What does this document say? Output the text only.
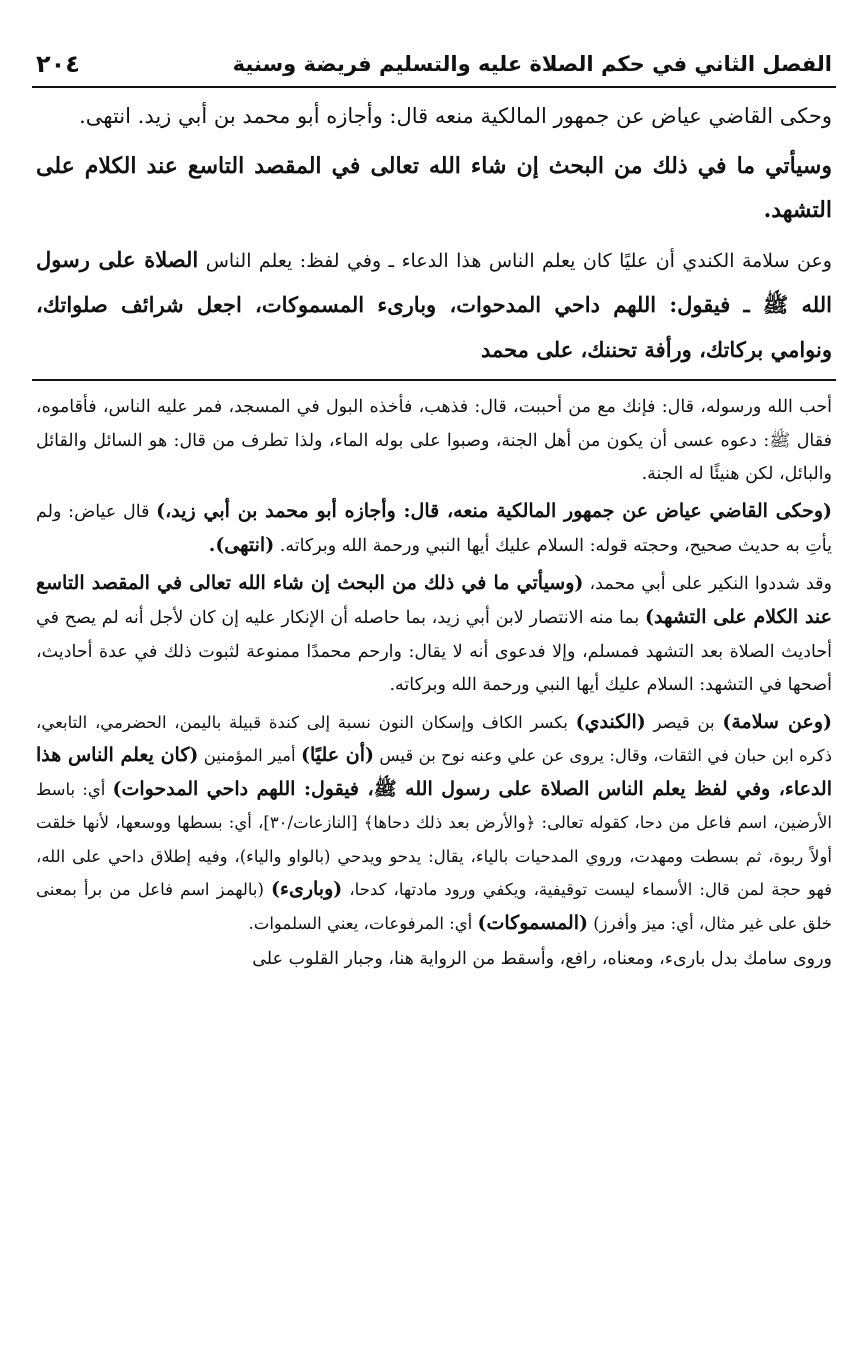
الفصل الثاني في حكم الصلاة عليه والتسليم فريضة وسنية
٢٠٤

وحكى القاضي عياض عن جمهور المالكية منعه قال: وأجازه أبو محمد بن أبي زيد. انتهى.

وسيأتي ما في ذلك من البحث إن شاء الله تعالى في المقصد التاسع عند الكلام على التشهد.

وعن سلامة الكندي أن عليًا كان يعلم الناس هذا الدعاء ـ وفي لفظ: يعلم الناس الصلاة على رسول الله ﷺ ـ فيقول: اللهم داحي المدحوات، وبارىء المسموكات، اجعل شرائف صلواتك، ونوامي بركاتك، ورأفة تحننك، على محمد

أحب الله ورسوله، قال: فإنك مع من أحببت، قال: فذهب، فأخذه البول في المسجد، فمر عليه الناس، فأقاموه، فقال ﷺ: دعوه عسى أن يكون من أهل الجنة، وصبوا على بوله الماء، ولذا تطرف من قال: هو السائل والقائل والبائل، لكن هنيئًا له الجنة.

(وحكى القاضي عياض عن جمهور المالكية منعه، قال: وأجازه أبو محمد بن أبي زيد،) قال عياض: ولم يأتِ به حديث صحيح، وحجته قوله: السلام عليك أيها النبي ورحمة الله وبركاته. (انتهى).

وقد شددوا النكير على أبي محمد، (وسيأتي ما في ذلك من البحث إن شاء الله تعالى في المقصد التاسع عند الكلام على التشهد) بما منه الانتصار لابن أبي زيد، بما حاصله أن الإنكار عليه إن كان لأجل أنه لم يصح في أحاديث الصلاة بعد التشهد فمسلم، وإلا فدعوى أنه لا يقال: وارحم محمدًا ممنوعة لثبوت ذلك في عدة أحاديث، أصحها في التشهد: السلام عليك أيها النبي ورحمة الله وبركاته.

(وعن سلامة) بن قيصر (الكندي) بكسر الكاف وإسكان النون نسبة إلى كندة قبيلة باليمن، الحضرمي، التابعي، ذكره ابن حبان في الثقات، وقال: يروى عن علي وعنه نوح بن قيس (أن عليًا) أمير المؤمنين (كان يعلم الناس هذا الدعاء، وفي لفظ يعلم الناس الصلاة على رسول الله ﷺ، فيقول: اللهم داحي المدحوات) أي: باسط الأرضين، اسم فاعل من دحا، كقوله تعالى: ﴿والأرض بعد ذلك دحاها﴾ [النازعات/٣٠]، أي: بسطها ووسعها، لأنها خلقت أولاً ربوة، ثم بسطت ومهدت، وروي المدحيات بالياء، يقال: يدحو ويدحي (بالواو والياء)، وفيه إطلاق داحي على الله، فهو حجة لمن قال: الأسماء ليست توقيفية، ويكفي ورود مادتها، كدحا، (وبارىء) (بالهمز اسم فاعل من برأ بمعنى خلق على غير مثال، أي: ميز وأفرز) (المسموكات) أي: المرفوعات، يعني السلموات.

وروى سامك بدل بارىء، ومعناه، رافع، وأسقط من الرواية هنا، وجبار القلوب على
